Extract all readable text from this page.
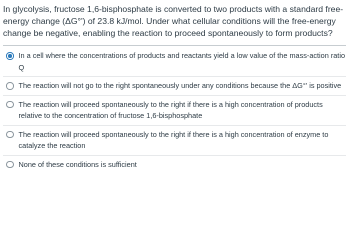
In glycolysis, fructose 1,6-bisphosphate is converted to two products with a standard free-energy change (ΔG°') of 23.8 kJ/mol. Under what cellular conditions will the free-energy change be negative, enabling the reaction to proceed spontaneously to form products?

In a cell where the concentrations of products and reactants yield a low value of the mass-action ratio Q
The reaction will not go to the right spontaneously under any conditions because the ΔG°' is positive
The reaction will proceed spontaneously to the right if there is a high concentration of products relative to the concentration of fructose 1,6-bisphosphate
The reaction will proceed spontaneously to the right if there is a high concentration of enzyme to catalyze the reaction
None of these conditions is sufficient
